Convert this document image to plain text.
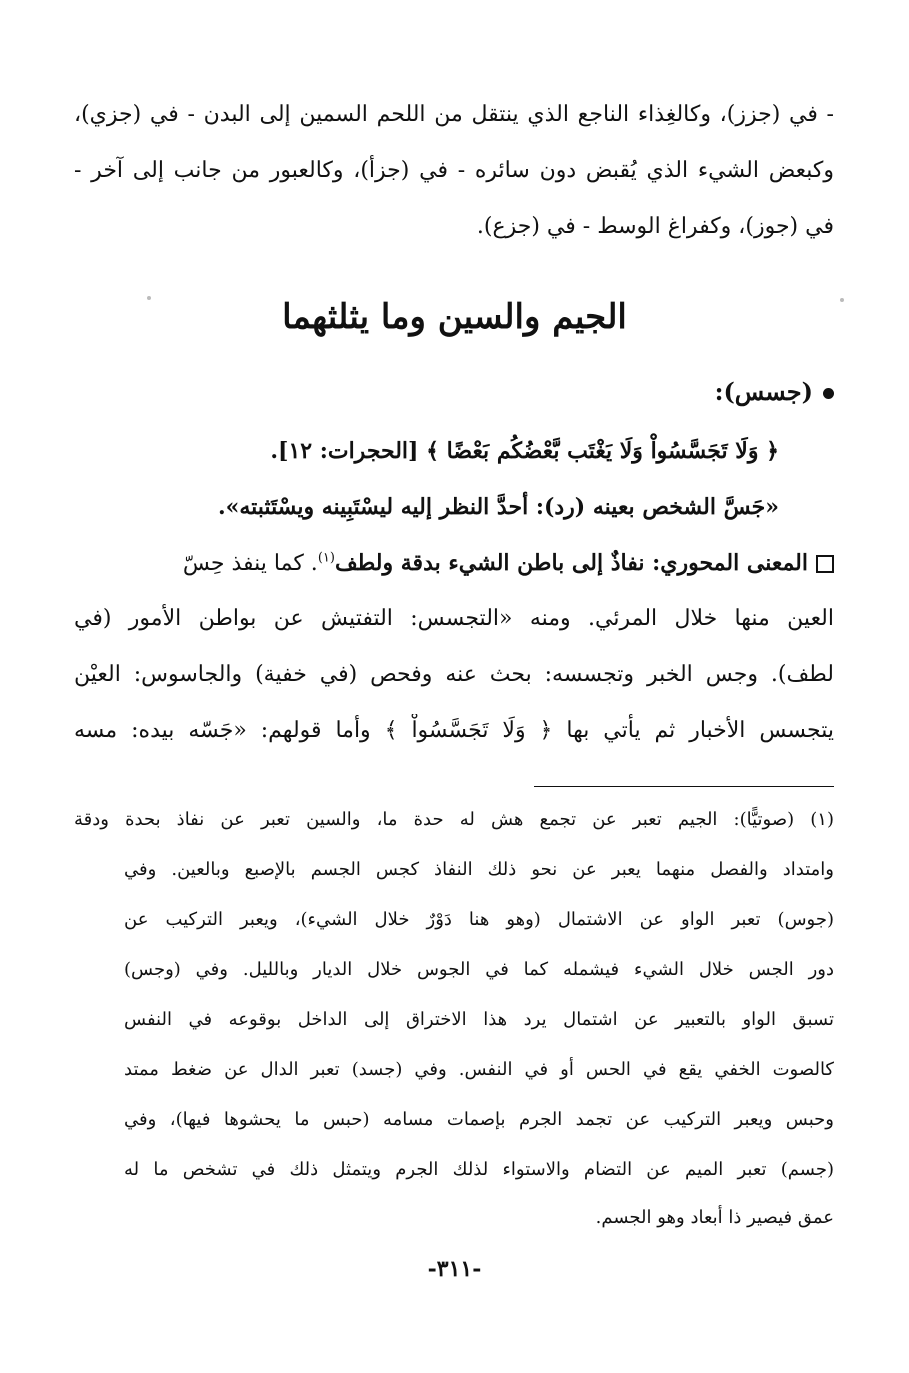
- في (جزز)، وكالغِذاء الناجع الذي ينتقل من اللحم السمين إلى البدن - في (جزي)،
وكبعض الشيء الذي يُقبض دون سائره - في (جزأ)، وكالعبور من جانب إلى آخر -
في (جوز)، وكفراغ الوسط - في (جزع).
الجيم والسين وما يثلثهما
(جسس):
﴿ وَلَا تَجَسَّسُواْ وَلَا يَغْتَب بَّعْضُكُم بَعْضًا ﴾ [الحجرات: ١٢].
«جَسَّ الشخص بعينه (رد): أحدَّ النظر إليه ليسْتَبِينه ويسْتَثبته».
المعنى المحوري: نفاذٌ إلى باطن الشيء بدقة ولطف$^{(١)}$. كما ينفذ حِسّ
العين منها خلال المرئي. ومنه «التجسس: التفتيش عن بواطن الأمور (في
لطف). وجس الخبر وتجسسه: بحث عنه وفحص (في خفية) والجاسوس: العيْن
يتجسس الأخبار ثم يأتي بها ﴿ وَلَا تَجَسَّسُواْ ﴾ وأما قولهم: «جَسّه بيده: مسه
(١) (صوتيًّا): الجيم تعبر عن تجمع هش له حدة ما، والسين تعبر عن نفاذ بحدة ودقة
وامتداد والفصل منهما يعبر عن نحو ذلك النفاذ كجس الجسم بالإصبع وبالعين. وفي
(جوس) تعبر الواو عن الاشتمال (وهو هنا دَوْرٌ خلال الشيء)، ويعبر التركيب عن
دور الجس خلال الشيء فيشمله كما في الجوس خلال الديار وبالليل. وفي (وجس)
تسبق الواو بالتعبير عن اشتمال يرد هذا الاختراق إلى الداخل بوقوعه في النفس
كالصوت الخفي يقع في الحس أو في النفس. وفي (جسد) تعبر الدال عن ضغط ممتد
وحبس ويعبر التركيب عن تجمد الجرم بإصمات مسامه (حبس ما يحشوها فيها)، وفي
(جسم) تعبر الميم عن التضام والاستواء لذلك الجرم ويتمثل ذلك في تشخص ما له
عمق فيصير ذا أبعاد وهو الجسم.
-٣١١-
